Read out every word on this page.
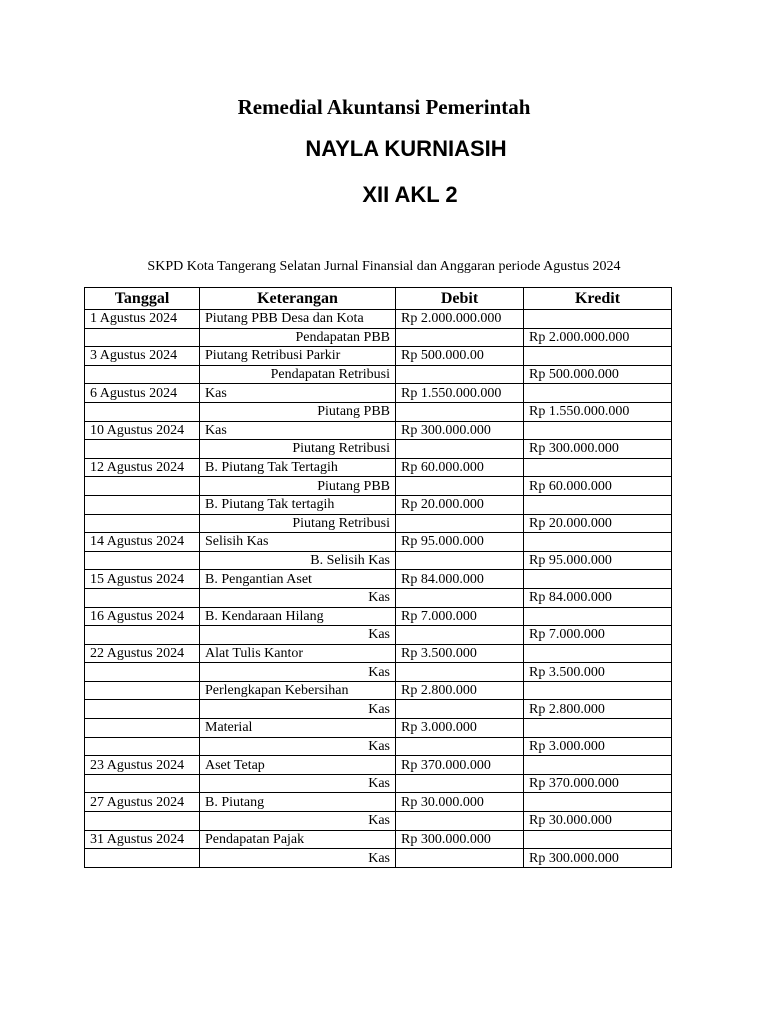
Remedial Akuntansi Pemerintah
NAYLA KURNIASIH
XII AKL 2
SKPD Kota Tangerang Selatan Jurnal Finansial dan Anggaran periode Agustus 2024
Tanggal	Keterangan	Debit	Kredit
1 Agustus 2024	Piutang PBB Desa dan Kota	Rp 2.000.000.000	
	Pendapatan PBB		Rp 2.000.000.000
3 Agustus 2024	Piutang Retribusi Parkir	Rp 500.000.00	
	Pendapatan Retribusi		Rp 500.000.000
6 Agustus 2024	Kas	Rp 1.550.000.000	
	Piutang PBB		Rp 1.550.000.000
10 Agustus 2024	Kas	Rp 300.000.000	
	Piutang Retribusi		Rp 300.000.000
12 Agustus 2024	B. Piutang Tak Tertagih	Rp 60.000.000	
	Piutang PBB		Rp 60.000.000
	B. Piutang Tak tertagih	Rp 20.000.000	
	Piutang Retribusi		Rp 20.000.000
14 Agustus 2024	Selisih Kas	Rp 95.000.000	
	B. Selisih Kas		Rp 95.000.000
15 Agustus 2024	B. Pengantian Aset	Rp 84.000.000	
	Kas		Rp 84.000.000
16 Agustus 2024	B. Kendaraan Hilang	Rp 7.000.000	
	Kas		Rp 7.000.000
22 Agustus 2024	Alat Tulis Kantor	Rp 3.500.000	
	Kas		Rp 3.500.000
	Perlengkapan Kebersihan	Rp 2.800.000	
	Kas		Rp 2.800.000
	Material	Rp 3.000.000	
	Kas		Rp 3.000.000
23 Agustus 2024	Aset Tetap	Rp 370.000.000	
	Kas		Rp 370.000.000
27 Agustus 2024	B. Piutang	Rp 30.000.000	
	Kas		Rp 30.000.000
31 Agustus 2024	Pendapatan Pajak	Rp 300.000.000	
	Kas		Rp 300.000.000
